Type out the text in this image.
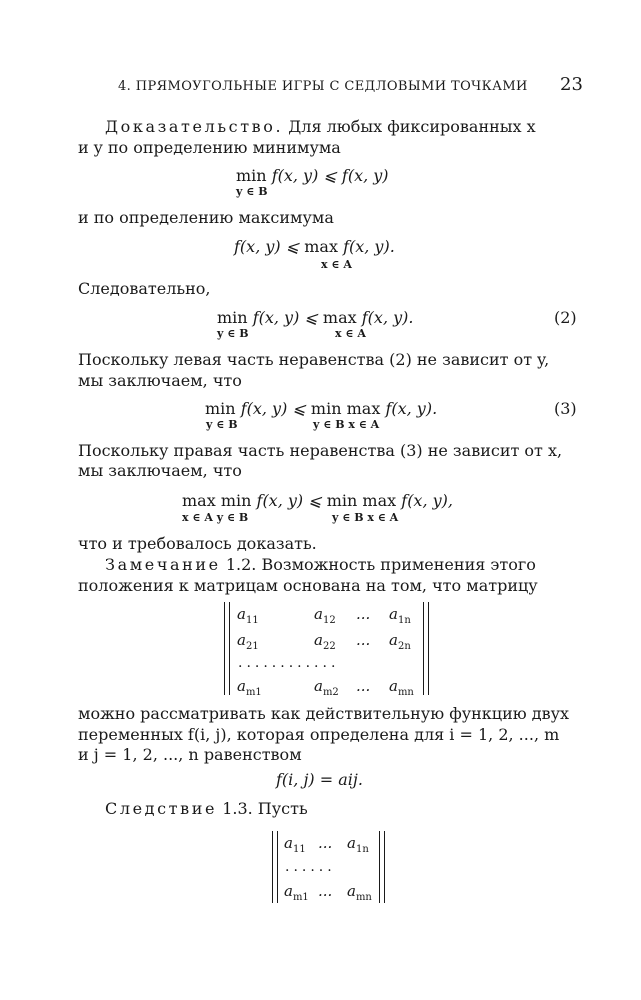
4. ПРЯМОУГОЛЬНЫЕ ИГРЫ С СЕДЛОВЫМИ ТОЧКАМИ 23
Доказательство. Для любых фиксированных x
и y по определению минимума
min f(x, y) ⩽ f(x, y)
y ∈ B
и по определению максимума
f(x, y) ⩽ max f(x, y).
x ∈ A
Следовательно,
min f(x, y) ⩽ max f(x, y).
y ∈ B	x ∈ A
(2)
Поскольку левая часть неравенства (2) не зависит от y,
мы заключаем, что
min f(x, y) ⩽ min max f(x, y).
y ∈ B	y ∈ B x ∈ A
(3)
Поскольку правая часть неравенства (3) не зависит от x,
мы заключаем, что
max min f(x, y) ⩽ min max f(x, y),
x ∈ A y ∈ B	y ∈ B x ∈ A
что и требовалось доказать.
Замечание 1.2. Возможность применения этого
положения к матрицам основана на том, что матрицу
$a_{11}$	$a_{12}$ ... $a_{1n}$
$a_{21}$	$a_{22}$ ... $a_{2n}$
............
$a_{m1}$	$a_{m2}$ ... $a_{mn}$
можно рассматривать как действительную функцию двух
переменных f(i, j), которая определена для i = 1, 2, ..., m
и j = 1, 2, ..., n равенством
f(i, j) = aij.
Следствие 1.3. Пусть
$a_{11}$ ... $a_{1n}$
......
$a_{m1}$ ... $a_{mn}$
